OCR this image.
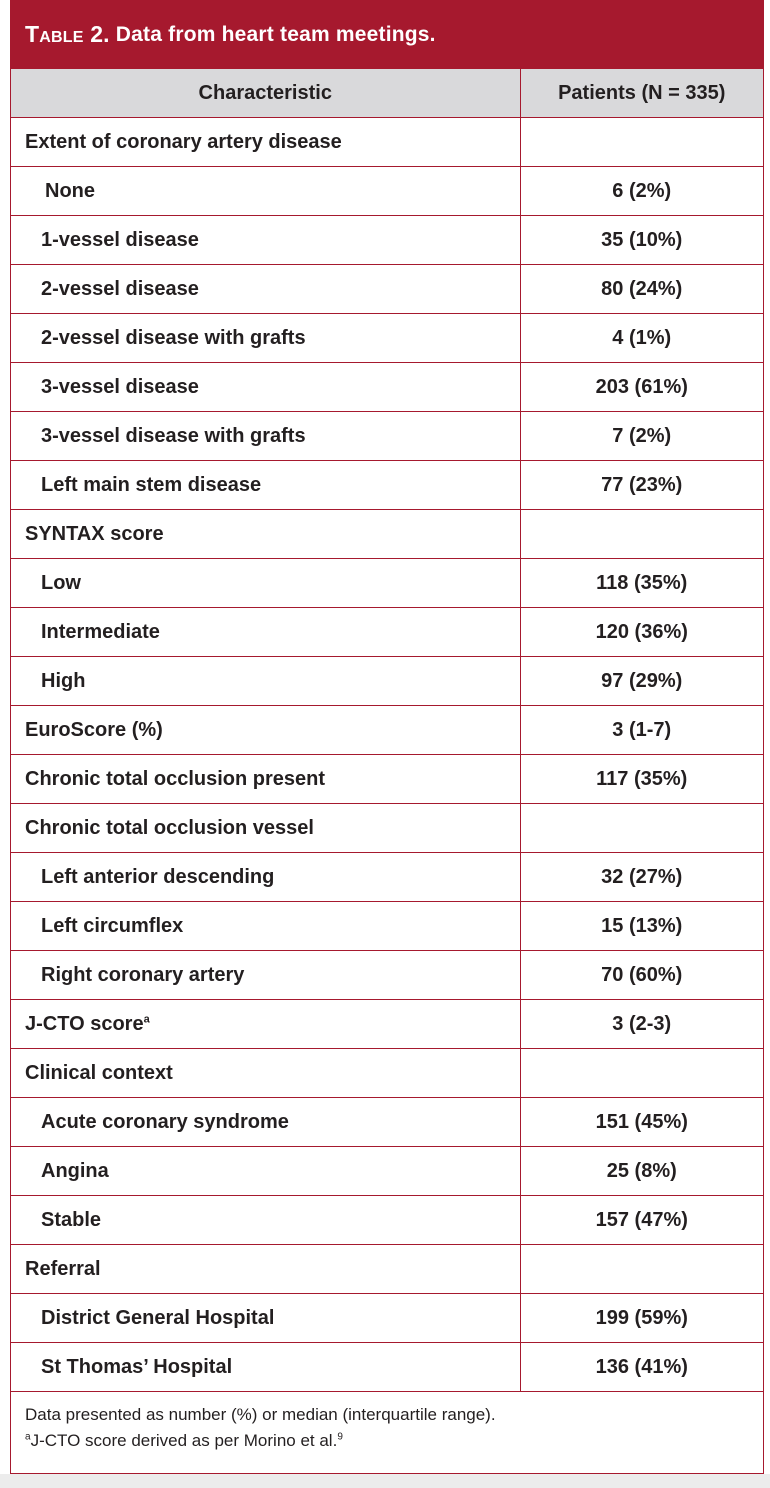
Table 2. Data from heart team meetings.
Characteristic	Patients (N = 335)
Extent of coronary artery disease	
None	6 (2%)
1-vessel disease	35 (10%)
2-vessel disease	80 (24%)
2-vessel disease with grafts	4 (1%)
3-vessel disease	203 (61%)
3-vessel disease with grafts	7 (2%)
Left main stem disease	77 (23%)
SYNTAX score	
Low	118 (35%)
Intermediate	120 (36%)
High	97 (29%)
EuroScore (%)	3 (1-7)
Chronic total occlusion present	117 (35%)
Chronic total occlusion vessel	
Left anterior descending	32 (27%)
Left circumflex	15 (13%)
Right coronary artery	70 (60%)
J-CTO score$^a$	3 (2-3)
Clinical context	
Acute coronary syndrome	151 (45%)
Angina	25 (8%)
Stable	157 (47%)
Referral	
District General Hospital	199 (59%)
St Thomas’ Hospital	136 (41%)
Data presented as number (%) or median (interquartile range).
$^a$J-CTO score derived as per Morino et al.$^9$
